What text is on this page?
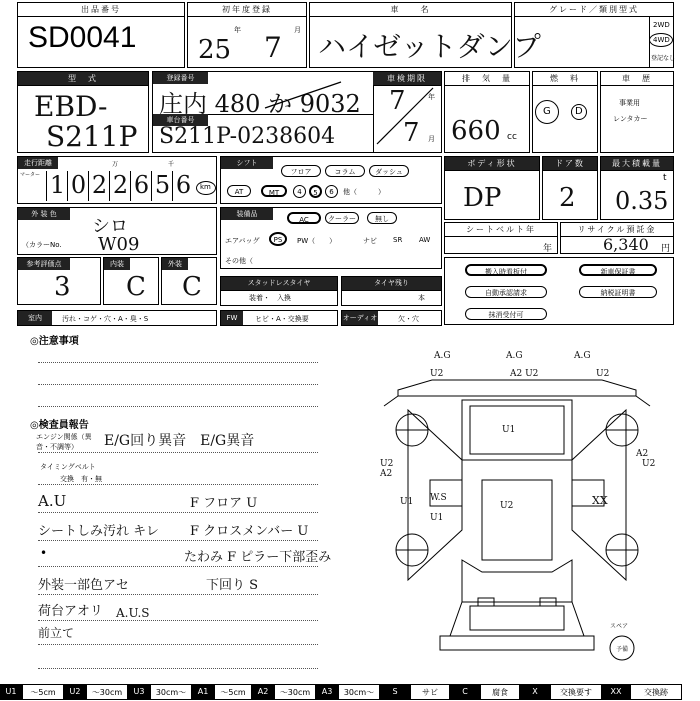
出品番号
SD0041
初年度登録
年	月
25 7
車　　名
ハイゼットダンプ
グレード／類別型式
2WD
4WD
登記なし
型　式
EBD-
S211P
登録番号
車台番号
庄内 480 か 9032
S211P-0238604
車検期限
年
月
7
7
排　気　量
660 cc
燃　料
G D
車　歴
事業用
レンタカー
走行距離
マーター
万	千
1 0 2 2 6 5 6	km
シフト
フロア	コラム	ダッシュ
AT	MT	4	5	6	他（　　　）
ボディ形状
DP
ドア数
2
最大積載量
t
0.35
外 装 色
シロ
（カラーNo. W09
装備品
AC	クーラー	無し
エアバッグ	PS	PW（　　）	ナビ SR AW
その他（
シートベルト年
年
リサイクル預託金
6,340 円
参考評価点
3
内装
C
外装
C	スタッドレスタイヤ
装着・　入換
タイヤ残り
本
搬入時看板付	新車保証書
自動承認請求	納税証明書
抹消受付可
室内	汚れ・コゲ・穴・A・臭・S	FW	ヒビ・A・交換要	オーディオ	欠・穴
◎注意事項
◎検査員報告
エンジン関係（異音・不調等）	E/G回り異音　E/G異音
タイミングベルト
交換　有・無
A.U	F フロア U
シートしみ汚れ キレ F クロスメンバー U
•	たわみ F ピラー下部歪み
外装一部色アセ	下回り S
荷台アオリ A.U.S
前立て
A.G	A.G	A.G
U2	A2 U2	U2
U1
U2
A2
U2
A2
U1
U1
W.S
U2	XX
スペア
予備
U1	～5cm	U2	～30cm	U3	30cm～	A1	～5cm	A2	～30cm	A3	30cm～	S	サビ	C	腐食	X	交換要す	XX	交換跡
